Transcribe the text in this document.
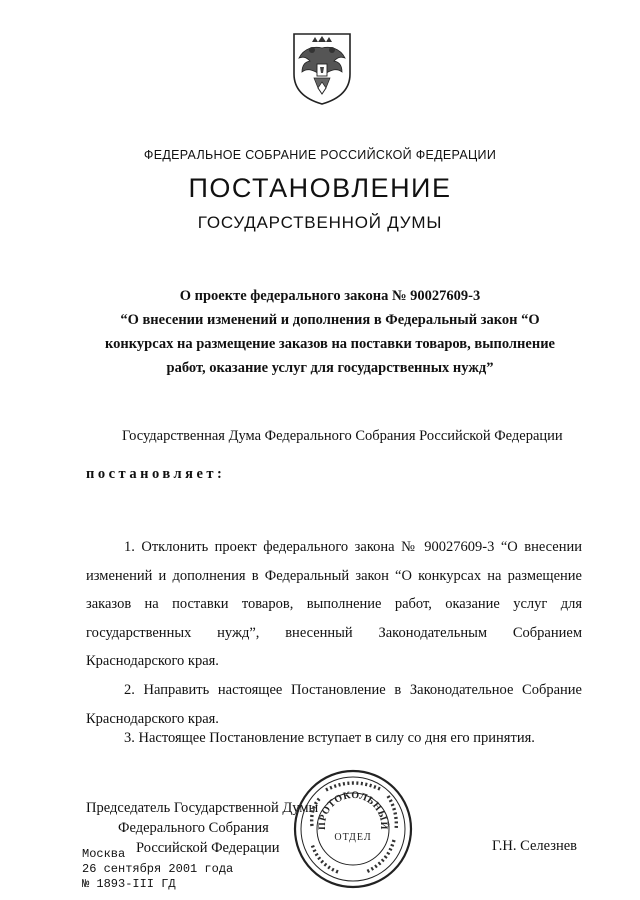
ФЕДЕРАЛЬНОЕ СОБРАНИЕ РОССИЙСКОЙ ФЕДЕРАЦИИ
ПОСТАНОВЛЕНИЕ
ГОСУДАРСТВЕННОЙ ДУМЫ
О проекте федерального закона № 90027609-3
“О внесении изменений и дополнения в Федеральный закон “О конкурсах на размещение заказов на поставки товаров, выполнение работ, оказание услуг для государственных нужд”
Государственная Дума Федерального Собрания Российской Федерации
постановляет:
1. Отклонить проект федерального закона № 90027609-3 “О внесении изменений и дополнения в Федеральный закон “О конкурсах на размещение заказов на поставки товаров, выполнение работ, оказание услуг для государственных нужд”, внесенный Законодательным Собранием Краснодарского края.
2. Направить настоящее Постановление в Законодательное Собрание Краснодарского края.
3. Настоящее Постановление вступает в силу со дня его принятия.
Председатель Государственной Думы
Федерального Собрания
Российской Федерации	Г.Н. Селезнев
Москва
26 сентября 2001 года
№ 1893-III ГД
ПРОТОКОЛЬНЫЙ
ОТДЕЛ
